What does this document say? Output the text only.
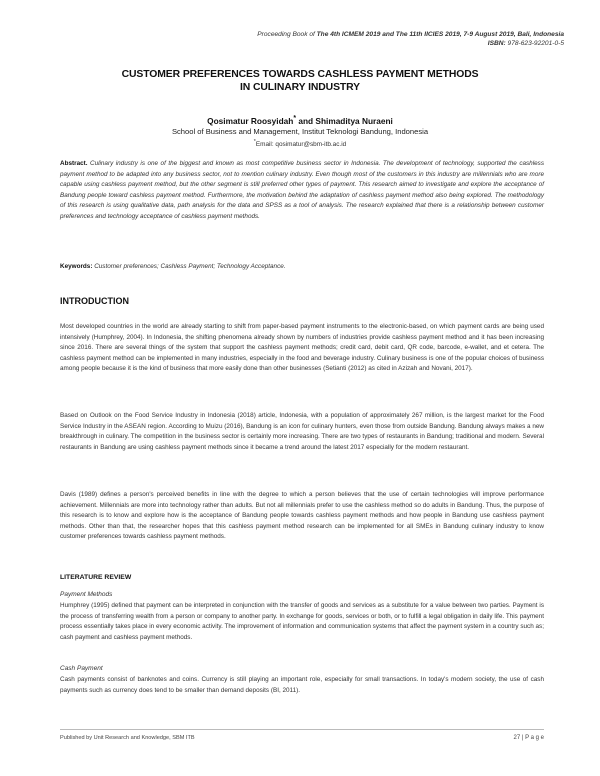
Proceeding Book of The 4th ICMEM 2019 and The 11th IICIES 2019, 7-9 August 2019, Bali, Indonesia
ISBN: 978-623-92201-0-5
CUSTOMER PREFERENCES TOWARDS CASHLESS PAYMENT METHODS
IN CULINARY INDUSTRY
Qosimatur Roosyidah* and Shimaditya Nuraeni
School of Business and Management, Institut Teknologi Bandung, Indonesia
*Email: qosimatur@sbm-itb.ac.id
Abstract. Culinary industry is one of the biggest and known as most competitive business sector in Indonesia. The development of technology, supported the cashless payment method to be adapted into any business sector, not to mention culinary industry. Even though most of the customers in this industry are millennials who are more capable using cashless payment method, but the other segment is still preferred other types of payment. This research aimed to investigate and explore the acceptance of Bandung people toward cashless payment method. Furthermore, the motivation behind the adaptation of cashless payment method also being explored. The methodology of this research is using qualitative data, path analysis for the data and SPSS as a tool of analysis. The research explained that there is a relationship between customer preferences and technology acceptance of cashless payment methods.
Keywords: Customer preferences; Cashless Payment; Technology Acceptance.
INTRODUCTION
Most developed countries in the world are already starting to shift from paper-based payment instruments to the electronic-based, on which payment cards are being used intensively (Humphrey, 2004). In Indonesia, the shifting phenomena already shown by numbers of industries provide cashless payment method and it has been increasing since 2016. There are several things of the system that support the cashless payment methods; credit card, debit card, QR code, barcode, e-wallet, and et cetera. The cashless payment method can be implemented in many industries, especially in the food and beverage industry. Culinary business is one of the popular choices of business among people because it is the kind of business that more easily done than other businesses (Setianti (2012) as cited in Azizah and Novani, 2017).
Based on Outlook on the Food Service Industry in Indonesia (2018) article, Indonesia, with a population of approximately 267 million, is the largest market for the Food Service Industry in the ASEAN region. According to Muizu (2016), Bandung is an icon for culinary hunters, even those from outside Bandung. Bandung always makes a new breakthrough in culinary. The competition in the business sector is certainly more increasing. There are two types of restaurants in Bandung; traditional and modern. Several restaurants in Bandung are using cashless payment methods since it became a trend around the latest 2017 especially for the modern restaurant.
Davis (1989) defines a person's perceived benefits in line with the degree to which a person believes that the use of certain technologies will improve performance achievement. Millennials are more into technology rather than adults. But not all millennials prefer to use the cashless method so do adults in Bandung. Thus, the purpose of this research is to know and explore how is the acceptance of Bandung people towards cashless payment methods and how people in Bandung use cashless payment methods. Other than that, the researcher hopes that this cashless payment method research can be implemented for all SMEs in Bandung culinary industry to know customer preferences towards cashless payment methods.
LITERATURE REVIEW
Payment Methods
Humphrey (1995) defined that payment can be interpreted in conjunction with the transfer of goods and services as a substitute for a value between two parties. Payment is the process of transferring wealth from a person or company to another party. In exchange for goods, services or both, or to fulfill a legal obligation in daily life. This payment process essentially takes place in every economic activity. The improvement of information and communication systems that affect the payment system in a country such as; cash payment and cashless payment methods.
Cash Payment
Cash payments consist of banknotes and coins. Currency is still playing an important role, especially for small transactions. In today's modern society, the use of cash payments such as currency does tend to be smaller than demand deposits (BI, 2011).
Published by Unit Research and Knowledge, SBM ITB	27 | P a g e
